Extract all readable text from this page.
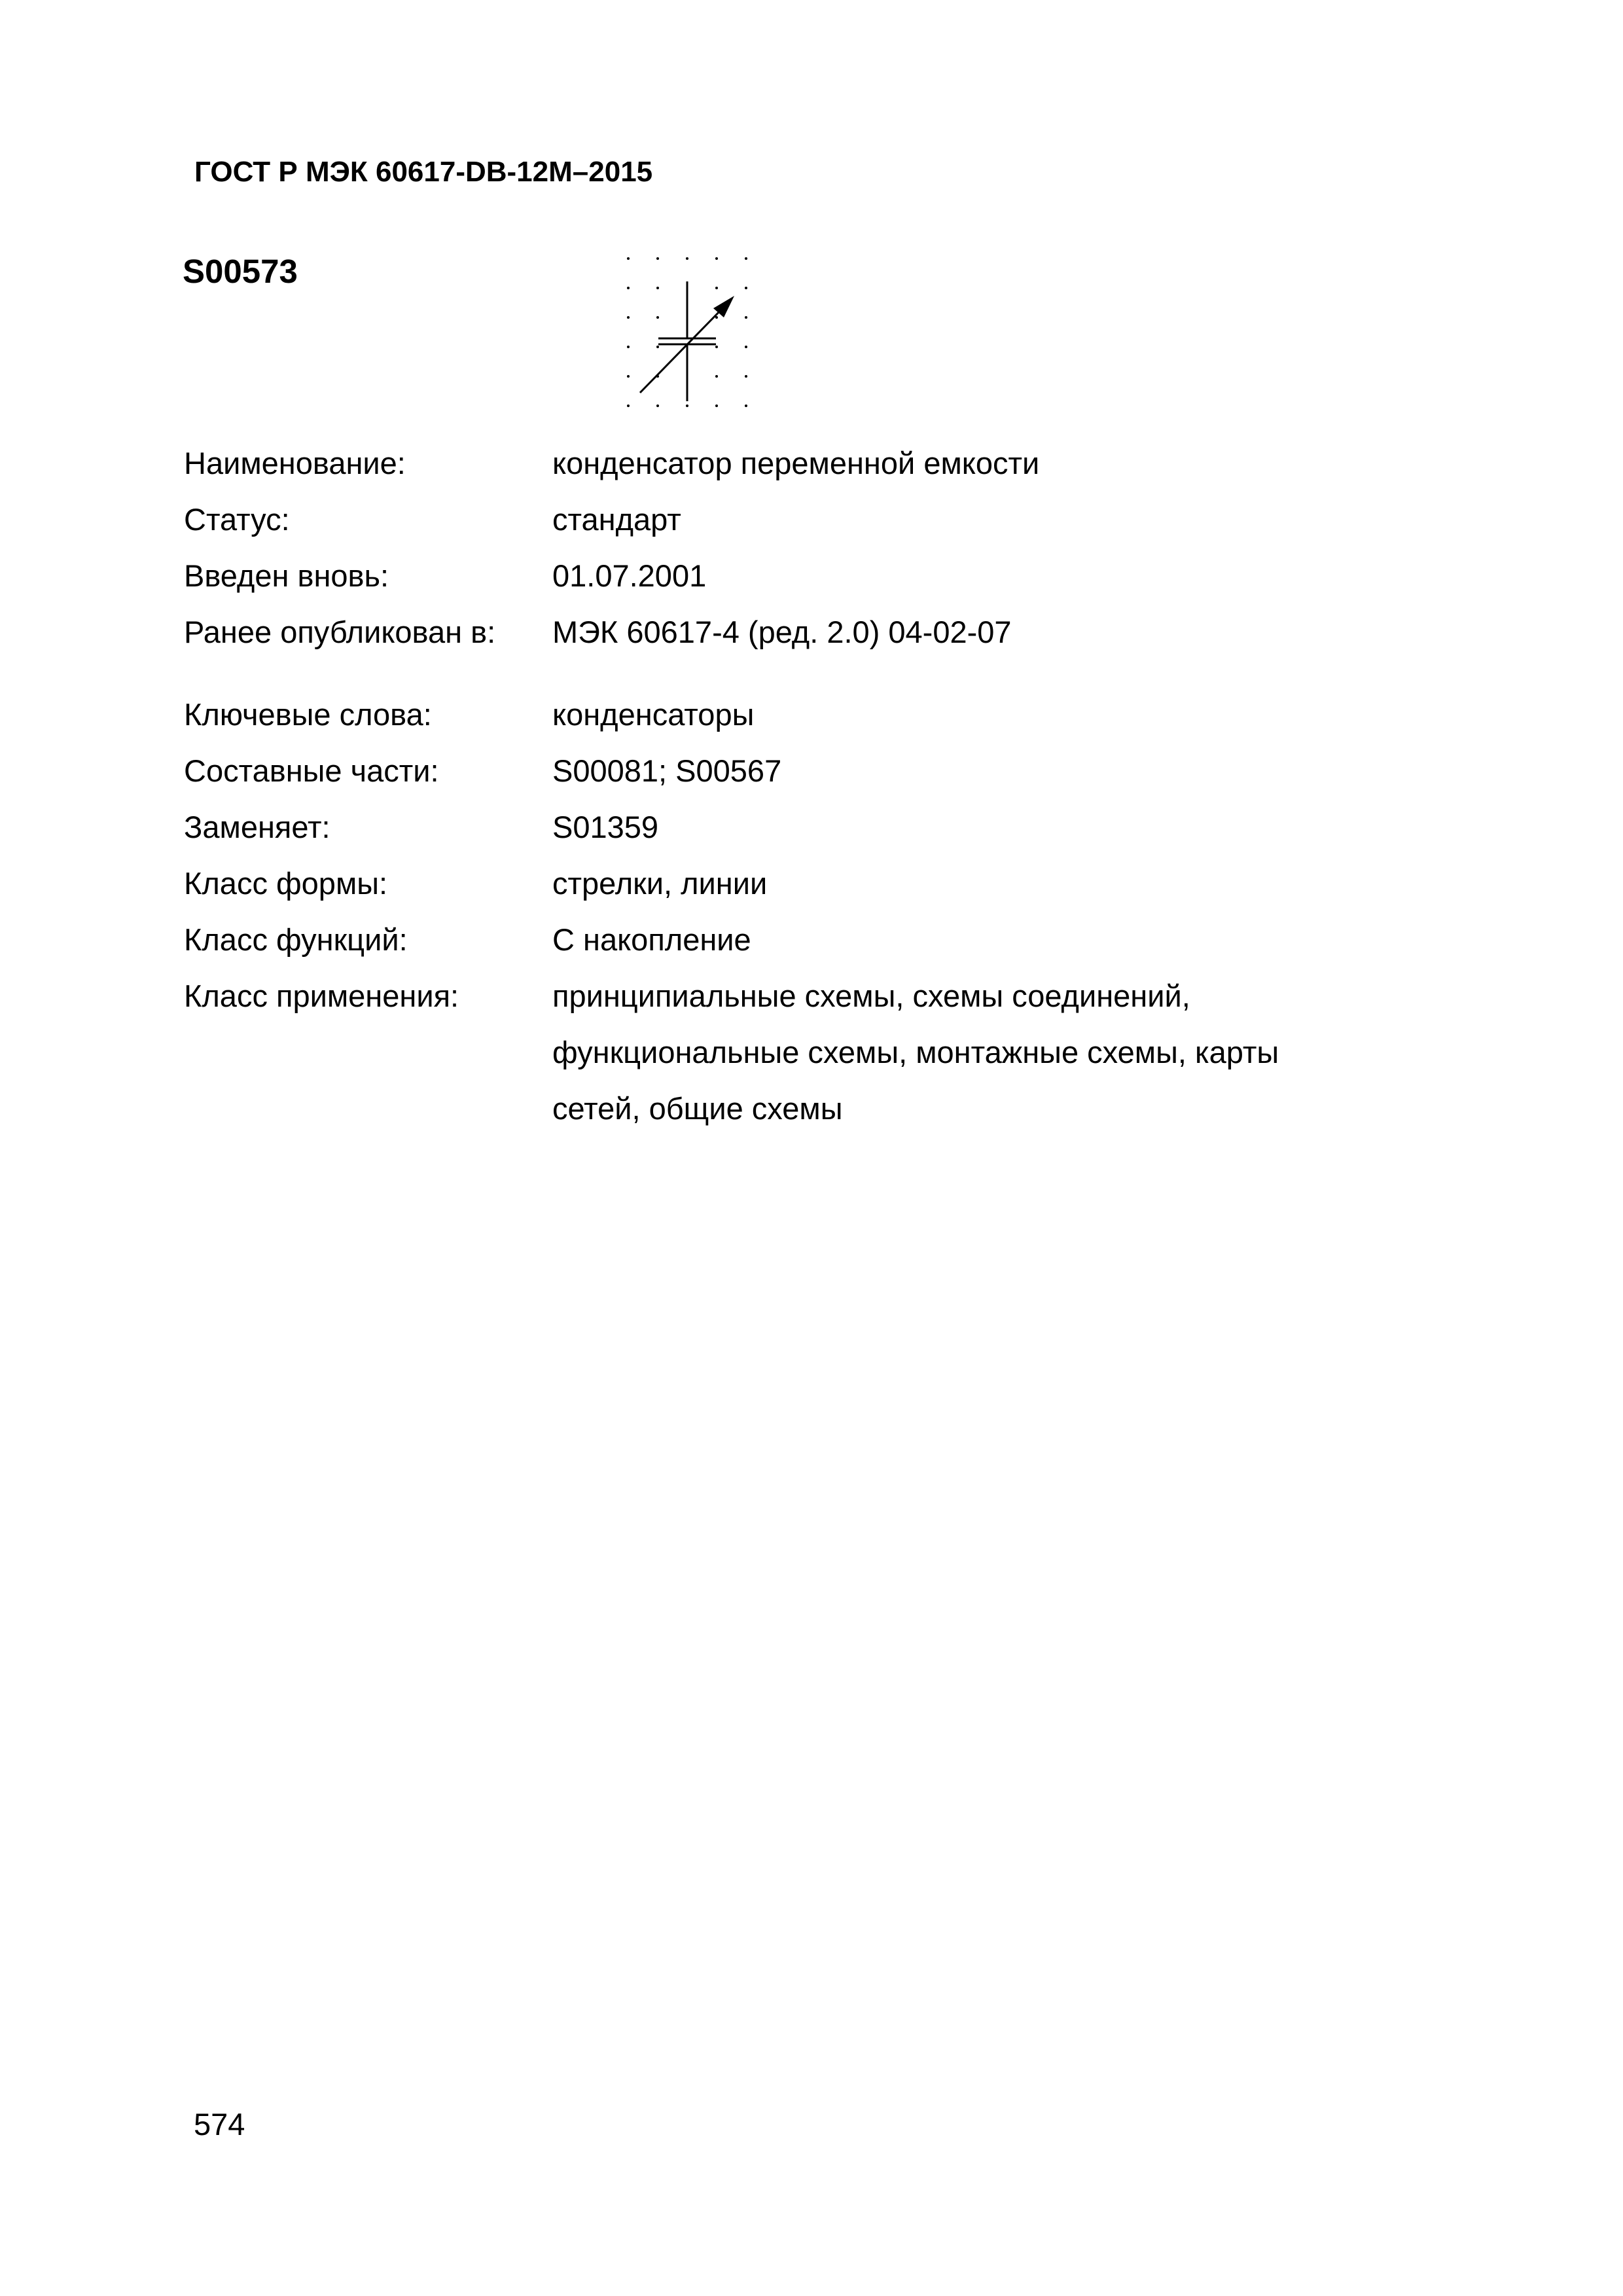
ГОСТ Р МЭК 60617-DB-12M–2015
S00573
Наименование:	конденсатор переменной емкости
Статус:	стандарт
Введен вновь:	01.07.2001
Ранее опубликован в:	МЭК 60617-4 (ред. 2.0) 04-02-07
Ключевые слова:	конденсаторы
Составные части:	S00081; S00567
Заменяет:	S01359
Класс формы:	стрелки, линии
Класс функций:	С накопление
Класс применения:	принципиальные схемы, схемы соединений,
функциональные схемы, монтажные схемы, карты
сетей, общие схемы
574
